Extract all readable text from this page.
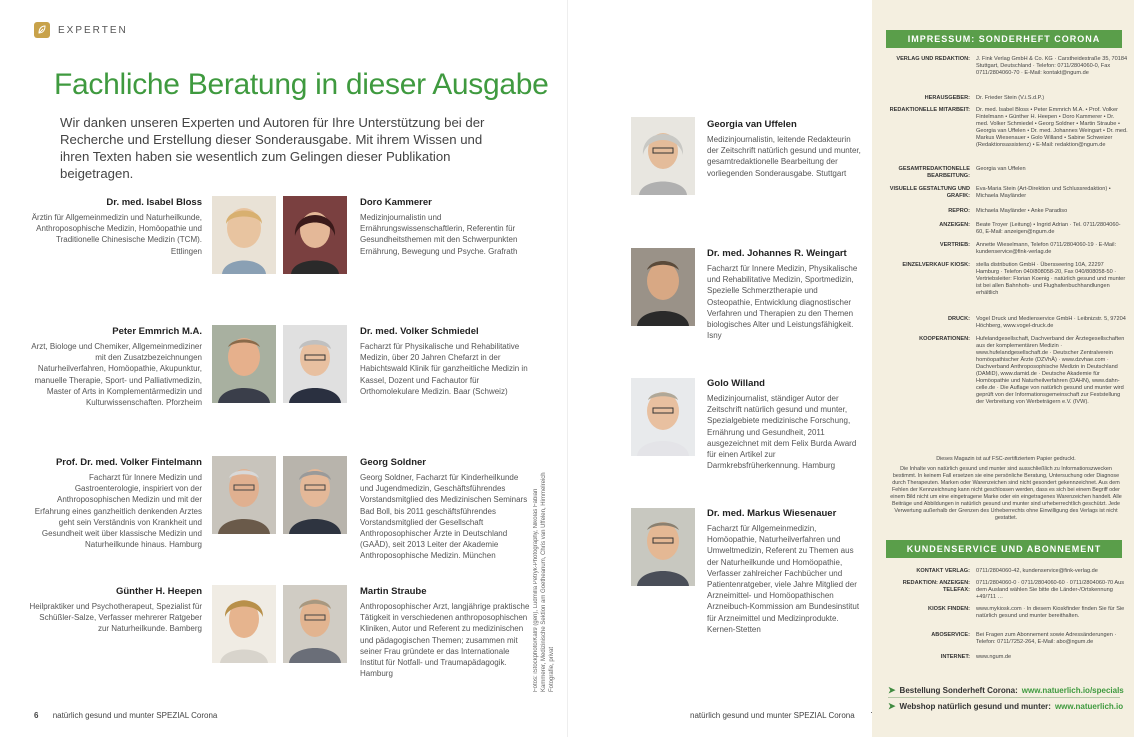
EXPERTEN
Fachliche Beratung in dieser Ausgabe

Wir danken unseren Experten und Autoren für Ihre Unterstützung bei der Recherche und Erstellung dieser Sonderausgabe. Mit ihrem Wissen und ihren Texten haben sie wesentlich zum Gelingen dieser Publikation beigetragen.

Dr. med. Isabel Bloss
Ärztin für Allgemeinmedizin und Naturheilkunde, Anthroposophische Medizin, Homöopathie und Traditionelle Chinesische Medizin (TCM). Ettlingen
Peter Emmrich M.A.
Arzt, Biologe und Chemiker, Allgemeinmediziner mit den Zusatzbezeichnungen Naturheilverfahren, Homöopathie, Akupunktur, manuelle Therapie, Sport- und Palliativmedizin, Master of Arts in Komplementärmedizin und Kulturwissenschaften. Pforzheim
Prof. Dr. med. Volker Fintelmann
Facharzt für Innere Medizin und Gastroenterologie, inspiriert von der Anthroposophischen Medizin und mit der Erfahrung eines ganzheitlich denkenden Arztes geht sein Verständnis von Krankheit und Gesundheit weit über klassische Medizin und Naturheilkunde hinaus. Hamburg
Günther H. Heepen
Heilpraktiker und Psychotherapeut, Spezialist für Schüßler-Salze, Verfasser mehrerer Ratgeber zur Naturheilkunde. Bamberg
Doro Kammerer
Medizinjournalistin und Ernährungswissenschaftlerin, Referentin für Gesundheitsthemen mit den Schwerpunkten Ernährung, Bewegung und Psyche. Grafrath
Dr. med. Volker Schmiedel
Facharzt für Physikalische und Rehabilitative Medizin, über 20 Jahren Chefarzt in der Habichtswald Klinik für ganzheitliche Medizin in Kassel, Dozent und Fachautor für Orthomolekulare Medizin. Baar (Schweiz)
Georg Soldner
Georg Soldner, Facharzt für Kinderheilkunde und Jugendmedizin, Geschäftsführendes Vorstandsmitglied des Medizinischen Seminars Bad Boll, bis 2011 geschäftsführendes Vorstandsmitglied der Gesellschaft Anthroposophischer Ärzte in Deutschland (GAÄD), seit 2013 Leiter der Akademie Anthroposophische Medizin. München
Martin Straube
Anthroposophischer Arzt, langjährige praktische Tätigkeit in verschiedenen anthroposophischen Kliniken, Autor und Referent zu medizinischen und pädagogischen Themen; zusammen mit seiner Frau gründete er das Internationale Institut für Notfall- und Traumapädagogik. Hamburg	Fotos: iStockphoto/Kali9 (gen), Ludmilla Petryk-Photography, Nikolas Fabian Kammerer, Medizinische Sektion am Goetheanum, Chris van Uffelen, Himmelreich Fotografie, privat
Georgia van Uffelen
Medizinjournalistin, leitende Redakteurin der Zeitschrift natürlich gesund und munter, gesamtredaktionelle Bearbeitung der vorliegenden Sonderausgabe. Stuttgart
Dr. med. Johannes R. Weingart
Facharzt für Innere Medizin, Physikalische und Rehabilitative Medizin, Sportmedizin, Spezielle Schmerztherapie und Osteopathie, Entwicklung diagnostischer Verfahren und Therapien zu den Themen biologisches Alter und Leistungsfähigkeit. Isny
Golo Willand
Medizinjournalist, ständiger Autor der Zeitschrift natürlich gesund und munter, Spezialgebiete medizinische Forschung, Ernährung und Gesundheit, 2011 ausgezeichnet mit dem Felix Burda Award für einen Artikel zur Darmkrebsfrüherkennung. Hamburg
Dr. med. Markus Wiesenauer
Facharzt für Allgemeinmedizin, Homöopathie, Naturheilverfahren und Umweltmedizin, Referent zu Themen aus der Naturheilkunde und Homöopathie, Verfasser zahlreicher Fachbücher und Patientenratgeber, viele Jahre Mitglied der Arzneimittel- und Homöopathischen Arzneibuch-Kommission am Bundesinstitut für Arzneimittel und Medizinprodukte. Kernen-Stetten
6 natürlich gesund und munter SPEZIAL Corona	natürlich gesund und munter SPEZIAL Corona
IMPRESSUM: SONDERHEFT CORONA
VERLAG UND REDAKTION:	J. Fink Verlag GmbH & Co. KG · Carstheidestraße 35, 70184 Stuttgart, Deutschland · Telefon: 0711/2804060-0, Fax 0711/2804060-70 · E-Mail: kontakt@ngum.de
HERAUSGEBER:	Dr. Frieder Stein (V.i.S.d.P.)
REDAKTIONELLE MITARBEIT:	Dr. med. Isabel Bloss • Peter Emmrich M.A. • Prof. Volker Fintelmann • Günther H. Heepen • Doro Kammerer • Dr. med. Volker Schmiedel • Georg Soldner • Martin Straube • Georgia van Uffelen • Dr. med. Johannes Weingart • Dr. med. Markus Wiesenauer • Golo Willand • Sabine Schweizer (Redaktionsassistenz) • E-Mail: redaktion@ngum.de
GESAMTREDAKTIONELLE BEARBEITUNG:
Georgia van Uffelen
VISUELLE GESTALTUNG UND GRAFIK:
Eva-Maria Stein (Art-Direktion und Schlussredaktion) • Michaela Mayländer
REPRO:	Michaela Mayländer • Anke Paradiso
ANZEIGEN:	Beate Troyer (Leitung) • Ingrid Adrian · Tel. 0711/2804060-60, E-Mail: anzeigen@ngum.de
VERTRIEB:	Annette Wieselmann, Telefon 0711/2804060-19 · E-Mail: kundenservice@fink-verlag.de
EINZELVERKAUF KIOSK:	stella distribution GmbH · Übersseering 10A, 22297 Hamburg · Telefon 040/808058-20, Fax 040/808058-50 · Vertriebsleiter: Florian Koenig · natürlich gesund und munter ist bei allen Bahnhofs- und Flughafenbuchhandlungen erhältlich
DRUCK:	Vogel Druck und Medienservice GmbH · Leibnizstr. 5, 97204 Höchberg, www.vogel-druck.de
KOOPERATIONEN:	Hufelandgesellschaft, Dachverband der Ärztegesellschaften aus der komplementären Medizin · www.hufelandgesellschaft.de · Deutscher Zentralverein homöopathischer Ärzte (DZVhÄ) · www.dzvhae.com · Dachverband Anthroposophische Medizin in Deutschland (DAMiD), www.damid.de · Deutsche Akademie für Homöopathie und Naturheilverfahren (DAHN), www.dahn-celle.de · Die Auflage von natürlich gesund und munter wird geprüft von der Informationsgemeinschaft zur Feststellung der Verbreitung von Werbeträgern e.V. (IVW).
Dieses Magazin ist auf FSC-zertifiziertem Papier gedruckt.
Die Inhalte von natürlich gesund und munter sind ausschließlich zu Informationszwecken bestimmt. In keinem Fall ersetzen sie eine persönliche Beratung, Untersuchung oder Diagnose durch Therapeuten. Marken oder Warenzeichen sind nicht gesondert gekennzeichnet. Aus dem Fehlen der Kennzeichnung kann nicht geschlossen werden, dass es sich bei einem Begriff oder einem Bild nicht um eine eingetragene Marke oder ein eingetragenes Warenzeichen handelt. Alle Beiträge und Abbildungen in natürlich gesund und munter sind urheberrechtlich geschützt. Jede Verwertung außerhalb der Grenzen des Urheberrechts ohne Einwilligung des Verlags ist nicht gestattet.
KUNDENSERVICE UND ABONNEMENT
KONTAKT VERLAG:	0711/2804060-42, kundenservice@fink-verlag.de
REDAKTION: ANZEIGEN: TELEFAX:
0711/2804060-0 · 0711/2804060-60 · 0711/2804060-70 Aus dem Ausland wählen Sie bitte die Länder-/Ortskennung +49/711 …
KIOSK FINDEN:	www.mykiosk.com · In diesem Kioskfinder finden Sie für Sie natürlich gesund und munter bereithalten.
ABOSERVICE:	Bei Fragen zum Abonnement sowie Adressänderungen · Telefon: 0711/7252-264, E-Mail: abo@ngum.de
INTERNET:	www.ngum.de
➤ Bestellung Sonderheft Corona: www.natuerlich.io/specials
➤ Webshop natürlich gesund und munter: www.natuerlich.io
